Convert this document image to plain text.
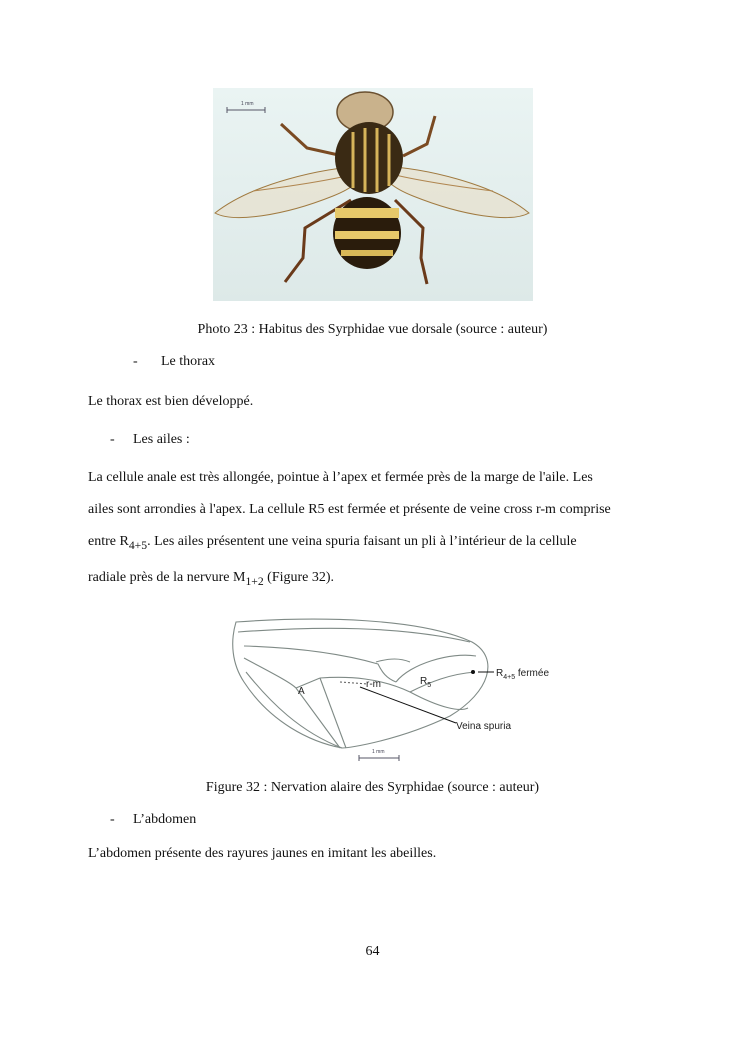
1 mm
Photo 23 : Habitus des Syrphidae vue dorsale (source : auteur)
- Le thorax
Le thorax est bien développé.
- Les ailes :
La cellule anale est très allongée, pointue à l’apex et fermée près de la marge de l'aile. Les
ailes sont arrondies à l'apex. La cellule R5 est fermée et présente de veine cross r-m comprise
entre $R_{4+5}$. Les ailes présentent une veina spuria faisant un pli à l’intérieur de la cellule
radiale près de la nervure $M_{1+2}$ (Figure 32).
A
r-m	$R_5$
$R_{4+5}$ fermée
Veina spuria
1 mm
Figure 32 : Nervation alaire des Syrphidae (source : auteur)
- L’abdomen
L’abdomen présente des rayures jaunes en imitant les abeilles.
64
